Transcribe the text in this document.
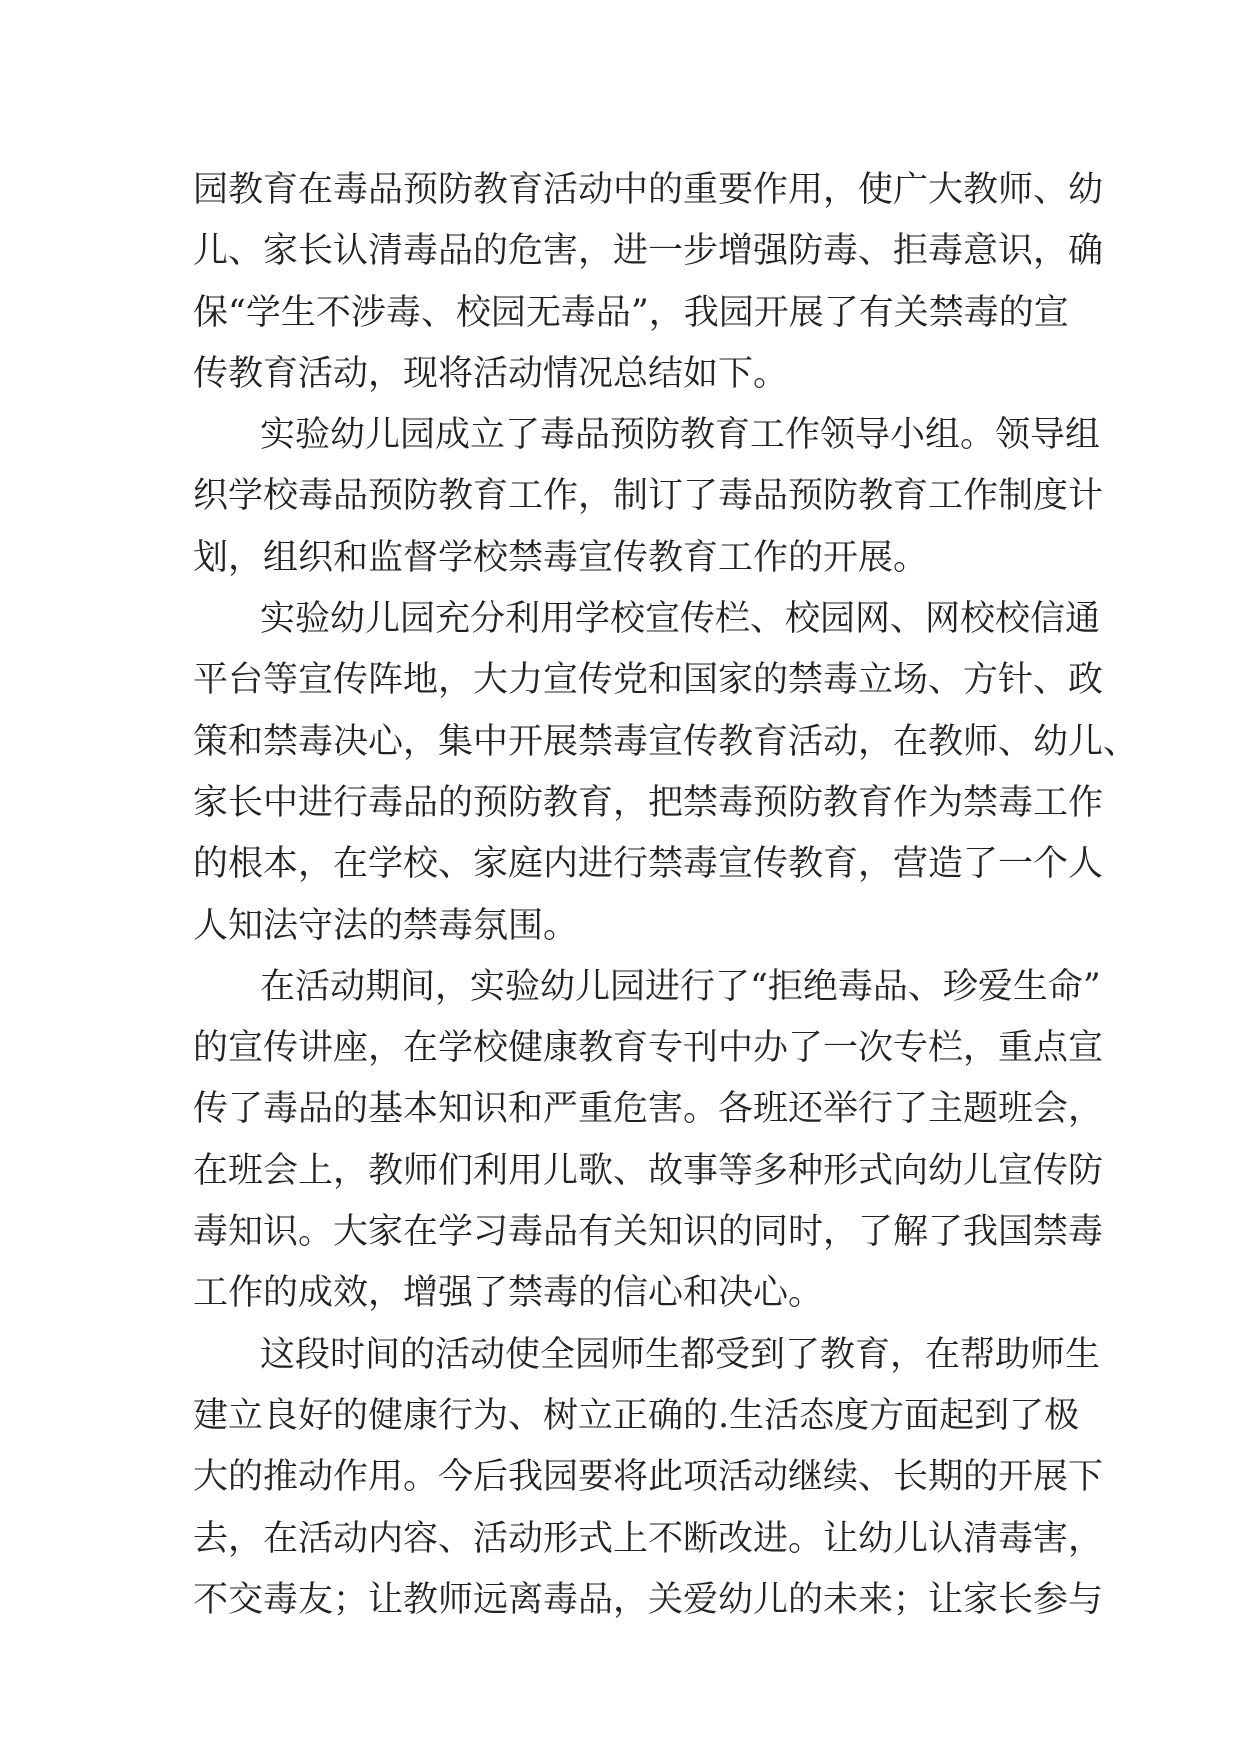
园教育在毒品预防教育活动中的重要作用，使广大教师、幼
儿、家长认清毒品的危害，进一步增强防毒、拒毒意识，确
保“学生不涉毒、校园无毒品”，我园开展了有关禁毒的宣
传教育活动，现将活动情况总结如下。
实验幼儿园成立了毒品预防教育工作领导小组。领导组
织学校毒品预防教育工作，制订了毒品预防教育工作制度计
划，组织和监督学校禁毒宣传教育工作的开展。
实验幼儿园充分利用学校宣传栏、校园网、网校校信通
平台等宣传阵地，大力宣传党和国家的禁毒立场、方针、政
策和禁毒决心，集中开展禁毒宣传教育活动，在教师、幼儿、
家长中进行毒品的预防教育，把禁毒预防教育作为禁毒工作
的根本，在学校、家庭内进行禁毒宣传教育，营造了一个人
人知法守法的禁毒氛围。
在活动期间，实验幼儿园进行了“拒绝毒品、珍爱生命”
的宣传讲座，在学校健康教育专刊中办了一次专栏，重点宣
传了毒品的基本知识和严重危害。各班还举行了主题班会，
在班会上，教师们利用儿歌、故事等多种形式向幼儿宣传防
毒知识。大家在学习毒品有关知识的同时，了解了我国禁毒
工作的成效，增强了禁毒的信心和决心。
这段时间的活动使全园师生都受到了教育，在帮助师生
建立良好的健康行为、树立正确的.生活态度方面起到了极
大的推动作用。今后我园要将此项活动继续、长期的开展下
去，在活动内容、活动形式上不断改进。让幼儿认清毒害，
不交毒友；让教师远离毒品，关爱幼儿的未来；让家长参与
